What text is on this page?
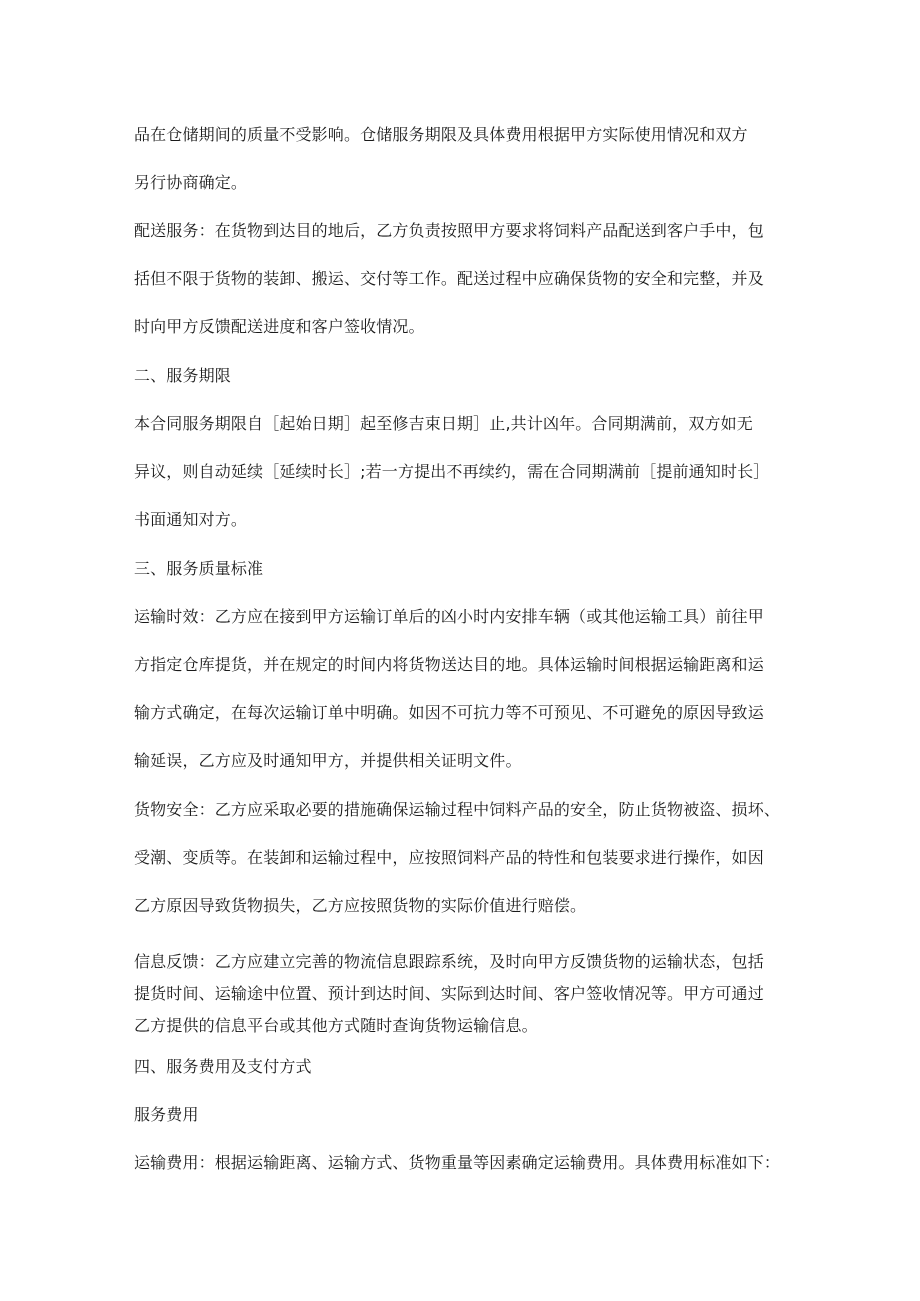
品在仓储期间的质量不受影响。仓储服务期限及具体费用根据甲方实际使用情况和双方
另行协商确定。
配送服务：在货物到达目的地后，乙方负责按照甲方要求将饲料产品配送到客户手中，包
括但不限于货物的装卸、搬运、交付等工作。配送过程中应确保货物的安全和完整，并及
时向甲方反馈配送进度和客户签收情况。
二、服务期限
本合同服务期限自［起始日期］起至修吉束日期］止,共计凶年。合同期满前，双方如无
异议，则自动延续［延续时长］;若一方提出不再续约，需在合同期满前［提前通知时长］
书面通知对方。
三、服务质量标准
运输时效：乙方应在接到甲方运输订单后的凶小时内安排车辆（或其他运输工具）前往甲
方指定仓库提货，并在规定的时间内将货物送达目的地。具体运输时间根据运输距离和运
输方式确定，在每次运输订单中明确。如因不可抗力等不可预见、不可避免的原因导致运
输延误，乙方应及时通知甲方，并提供相关证明文件。
货物安全：乙方应采取必要的措施确保运输过程中饲料产品的安全，防止货物被盗、损坏、
受潮、变质等。在装卸和运输过程中，应按照饲料产品的特性和包装要求进行操作，如因
乙方原因导致货物损失，乙方应按照货物的实际价值进行赔偿。
信息反馈：乙方应建立完善的物流信息跟踪系统，及时向甲方反馈货物的运输状态，包括
提货时间、运输途中位置、预计到达时间、实际到达时间、客户签收情况等。甲方可通过
乙方提供的信息平台或其他方式随时查询货物运输信息。
四、服务费用及支付方式
服务费用
运输费用：根据运输距离、运输方式、货物重量等因素确定运输费用。具体费用标准如下：
